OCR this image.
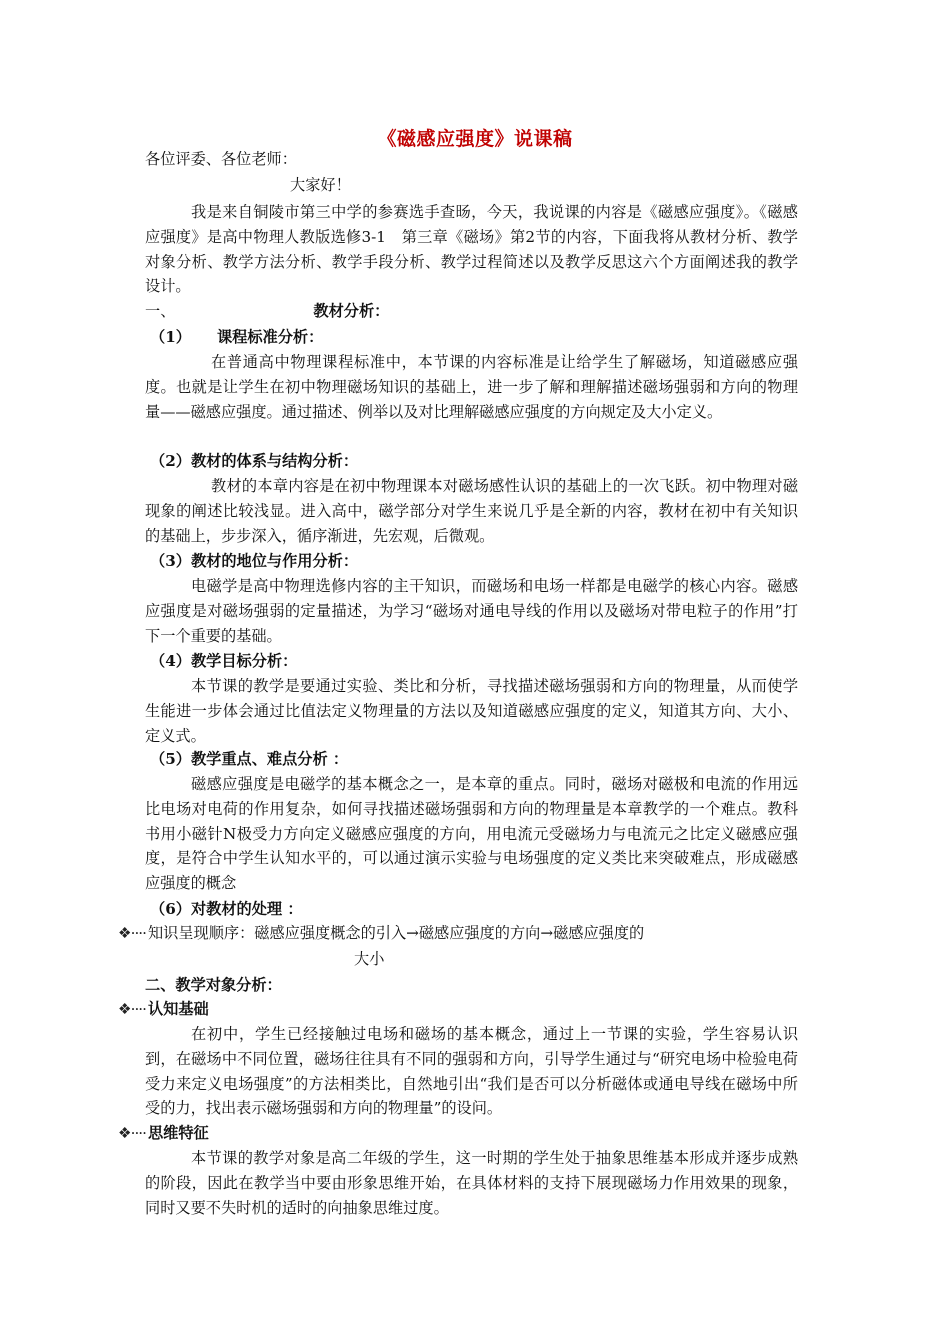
《磁感应强度》说课稿
各位评委、各位老师：
大家好！
我是来自铜陵市第三中学的参赛选手查旸，今天，我说课的内容是《磁感应强度》。《磁感应强度》是高中物理人教版选修3-1　第三章《磁场》第2节的内容，下面我将从教材分析、教学对象分析、教学方法分析、教学手段分析、教学过程简述以及教学反思这六个方面阐述我的教学设计。
一、	教材分析：
（1） 课程标准分析：
在普通高中物理课程标准中，本节课的内容标准是让给学生了解磁场，知道磁感应强度。也就是让学生在初中物理磁场知识的基础上，进一步了解和理解描述磁场强弱和方向的物理量——磁感应强度。通过描述、例举以及对比理解磁感应强度的方向规定及大小定义。
（2）教材的体系与结构分析：
教材的本章内容是在初中物理课本对磁场感性认识的基础上的一次飞跃。初中物理对磁现象的阐述比较浅显。进入高中，磁学部分对学生来说几乎是全新的内容，教材在初中有关知识的基础上，步步深入，循序渐进，先宏观，后微观。
（3）教材的地位与作用分析：
电磁学是高中物理选修内容的主干知识，而磁场和电场一样都是电磁学的核心内容。磁感应强度是对磁场强弱的定量描述，为学习“磁场对通电导线的作用以及磁场对带电粒子的作用”打下一个重要的基础。
（4）教学目标分析：
本节课的教学是要通过实验、类比和分析，寻找描述磁场强弱和方向的物理量，从而使学生能进一步体会通过比值法定义物理量的方法以及知道磁感应强度的定义，知道其方向、大小、定义式。
（5）教学重点、难点分析 ：
磁感应强度是电磁学的基本概念之一，是本章的重点。同时，磁场对磁极和电流的作用远比电场对电荷的作用复杂，如何寻找描述磁场强弱和方向的物理量是本章教学的一个难点。教科书用小磁针N极受力方向定义磁感应强度的方向，用电流元受磁场力与电流元之比定义磁感应强度，是符合中学生认知水平的，可以通过演示实验与电场强度的定义类比来突破难点，形成磁感应强度的概念
（6）对教材的处理 ：
❖···· 知识呈现顺序：磁感应强度概念的引入→磁感应强度的方向→磁感应强度的
大小
二、教学对象分析：
❖···· 认知基础
在初中，学生已经接触过电场和磁场的基本概念，通过上一节课的实验，学生容易认识到，在磁场中不同位置，磁场往往具有不同的强弱和方向，引导学生通过与“研究电场中检验电荷受力来定义电场强度”的方法相类比，自然地引出“我们是否可以分析磁体或通电导线在磁场中所受的力，找出表示磁场强弱和方向的物理量”的设问。
❖···· 思维特征
本节课的教学对象是高二年级的学生，这一时期的学生处于抽象思维基本形成并逐步成熟的阶段，因此在教学当中要由形象思维开始，在具体材料的支持下展现磁场力作用效果的现象，同时又要不失时机的适时的向抽象思维过度。
